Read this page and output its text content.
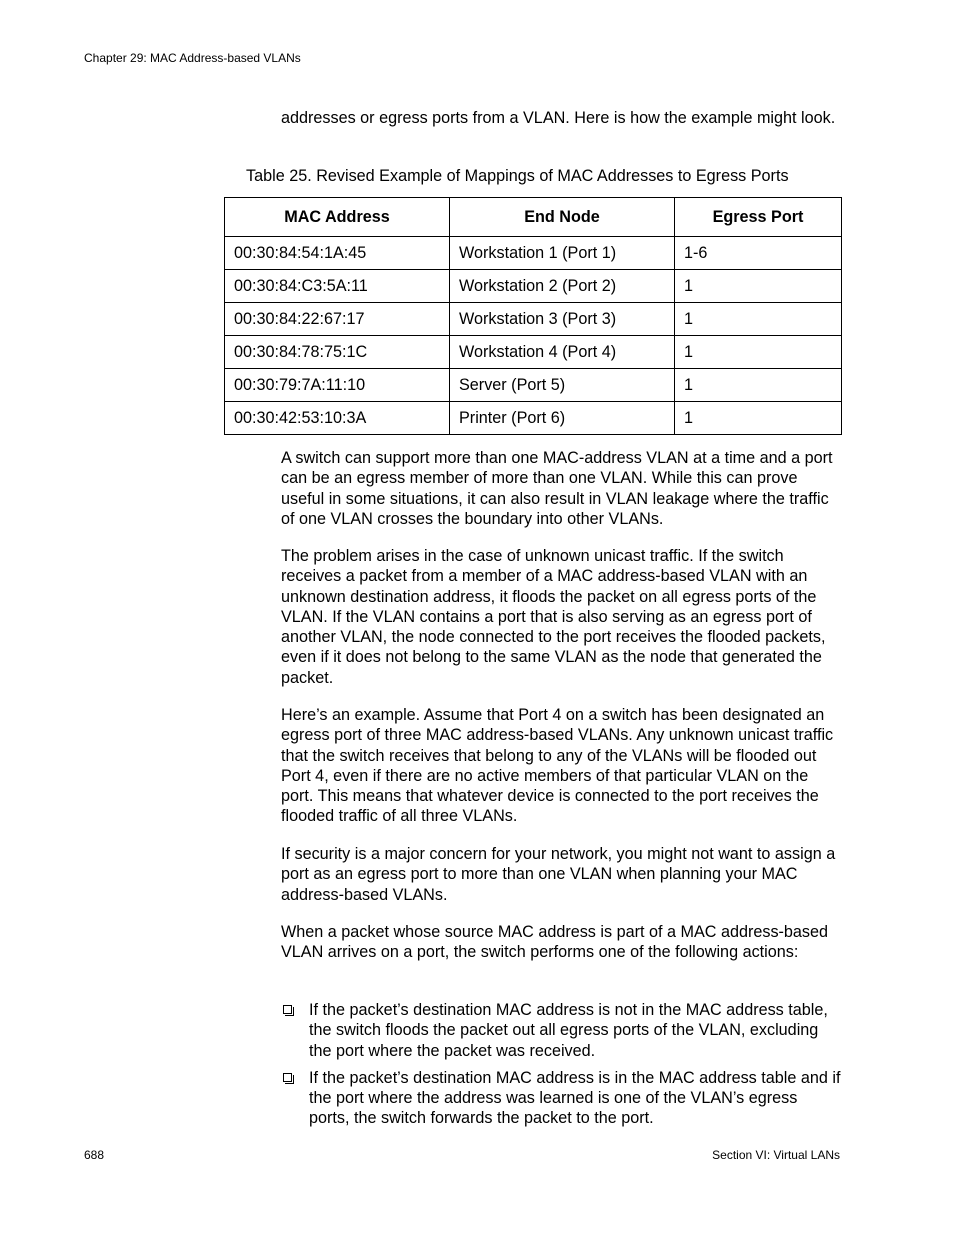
Chapter 29: MAC Address-based VLANs

addresses or egress ports from a VLAN. Here is how the example might look.

Table 25. Revised Example of Mappings of MAC Addresses to Egress Ports
MAC Address	End Node	Egress Port
00:30:84:54:1A:45	Workstation 1 (Port 1)	1-6
00:30:84:C3:5A:11	Workstation 2 (Port 2)	1
00:30:84:22:67:17	Workstation 3 (Port 3)	1
00:30:84:78:75:1C	Workstation 4 (Port 4)	1
00:30:79:7A:11:10	Server (Port 5)	1
00:30:42:53:10:3A	Printer (Port 6)	1

A switch can support more than one MAC-address VLAN at a time and a port can be an egress member of more than one VLAN. While this can prove useful in some situations, it can also result in VLAN leakage where the traffic of one VLAN crosses the boundary into other VLANs.

The problem arises in the case of unknown unicast traffic. If the switch receives a packet from a member of a MAC address-based VLAN with an unknown destination address, it floods the packet on all egress ports of the VLAN. If the VLAN contains a port that is also serving as an egress port of another VLAN, the node connected to the port receives the flooded packets, even if it does not belong to the same VLAN as the node that generated the packet.

Here’s an example. Assume that Port 4 on a switch has been designated an egress port of three MAC address-based VLANs. Any unknown unicast traffic that the switch receives that belong to any of the VLANs will be flooded out Port 4, even if there are no active members of that particular VLAN on the port. This means that whatever device is connected to the port receives the flooded traffic of all three VLANs.

If security is a major concern for your network, you might not want to assign a port as an egress port to more than one VLAN when planning your MAC address-based VLANs.

When a packet whose source MAC address is part of a MAC address-based VLAN arrives on a port, the switch performs one of the following actions:

If the packet’s destination MAC address is not in the MAC address table, the switch floods the packet out all egress ports of the VLAN, excluding the port where the packet was received.
If the packet’s destination MAC address is in the MAC address table and if the port where the address was learned is one of the VLAN’s egress ports, the switch forwards the packet to the port.
688	Section VI: Virtual LANs
